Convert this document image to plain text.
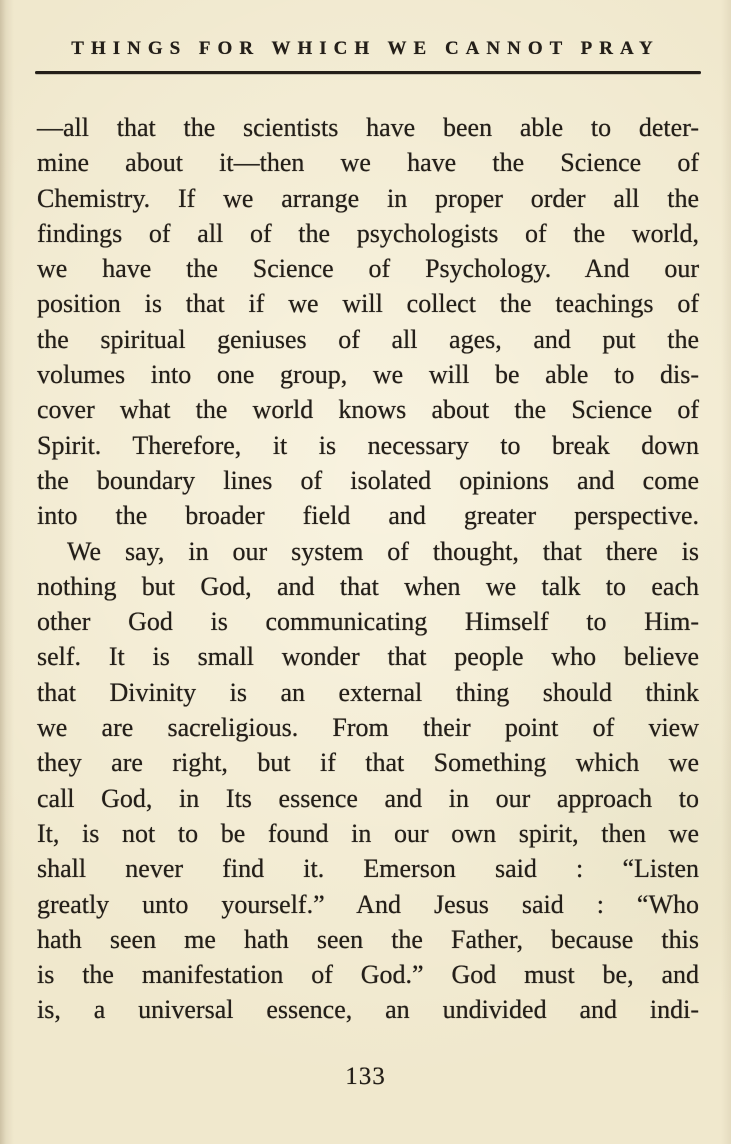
THINGS FOR WHICH WE CANNOT PRAY
—all that the scientists have been able to deter-
mine about it—then we have the Science of
Chemistry. If we arrange in proper order all the
findings of all of the psychologists of the world,
we have the Science of Psychology. And our
position is that if we will collect the teachings of
the spiritual geniuses of all ages, and put the
volumes into one group, we will be able to dis-
cover what the world knows about the Science of
Spirit. Therefore, it is necessary to break down
the boundary lines of isolated opinions and come
into the broader field and greater perspective.
We say, in our system of thought, that there is
nothing but God, and that when we talk to each
other God is communicating Himself to Him-
self. It is small wonder that people who believe
that Divinity is an external thing should think
we are sacreligious. From their point of view
they are right, but if that Something which we
call God, in Its essence and in our approach to
It, is not to be found in our own spirit, then we
shall never find it. Emerson said : “Listen
greatly unto yourself.” And Jesus said : “Who
hath seen me hath seen the Father, because this
is the manifestation of God.” God must be, and
is, a universal essence, an undivided and indi-
133
